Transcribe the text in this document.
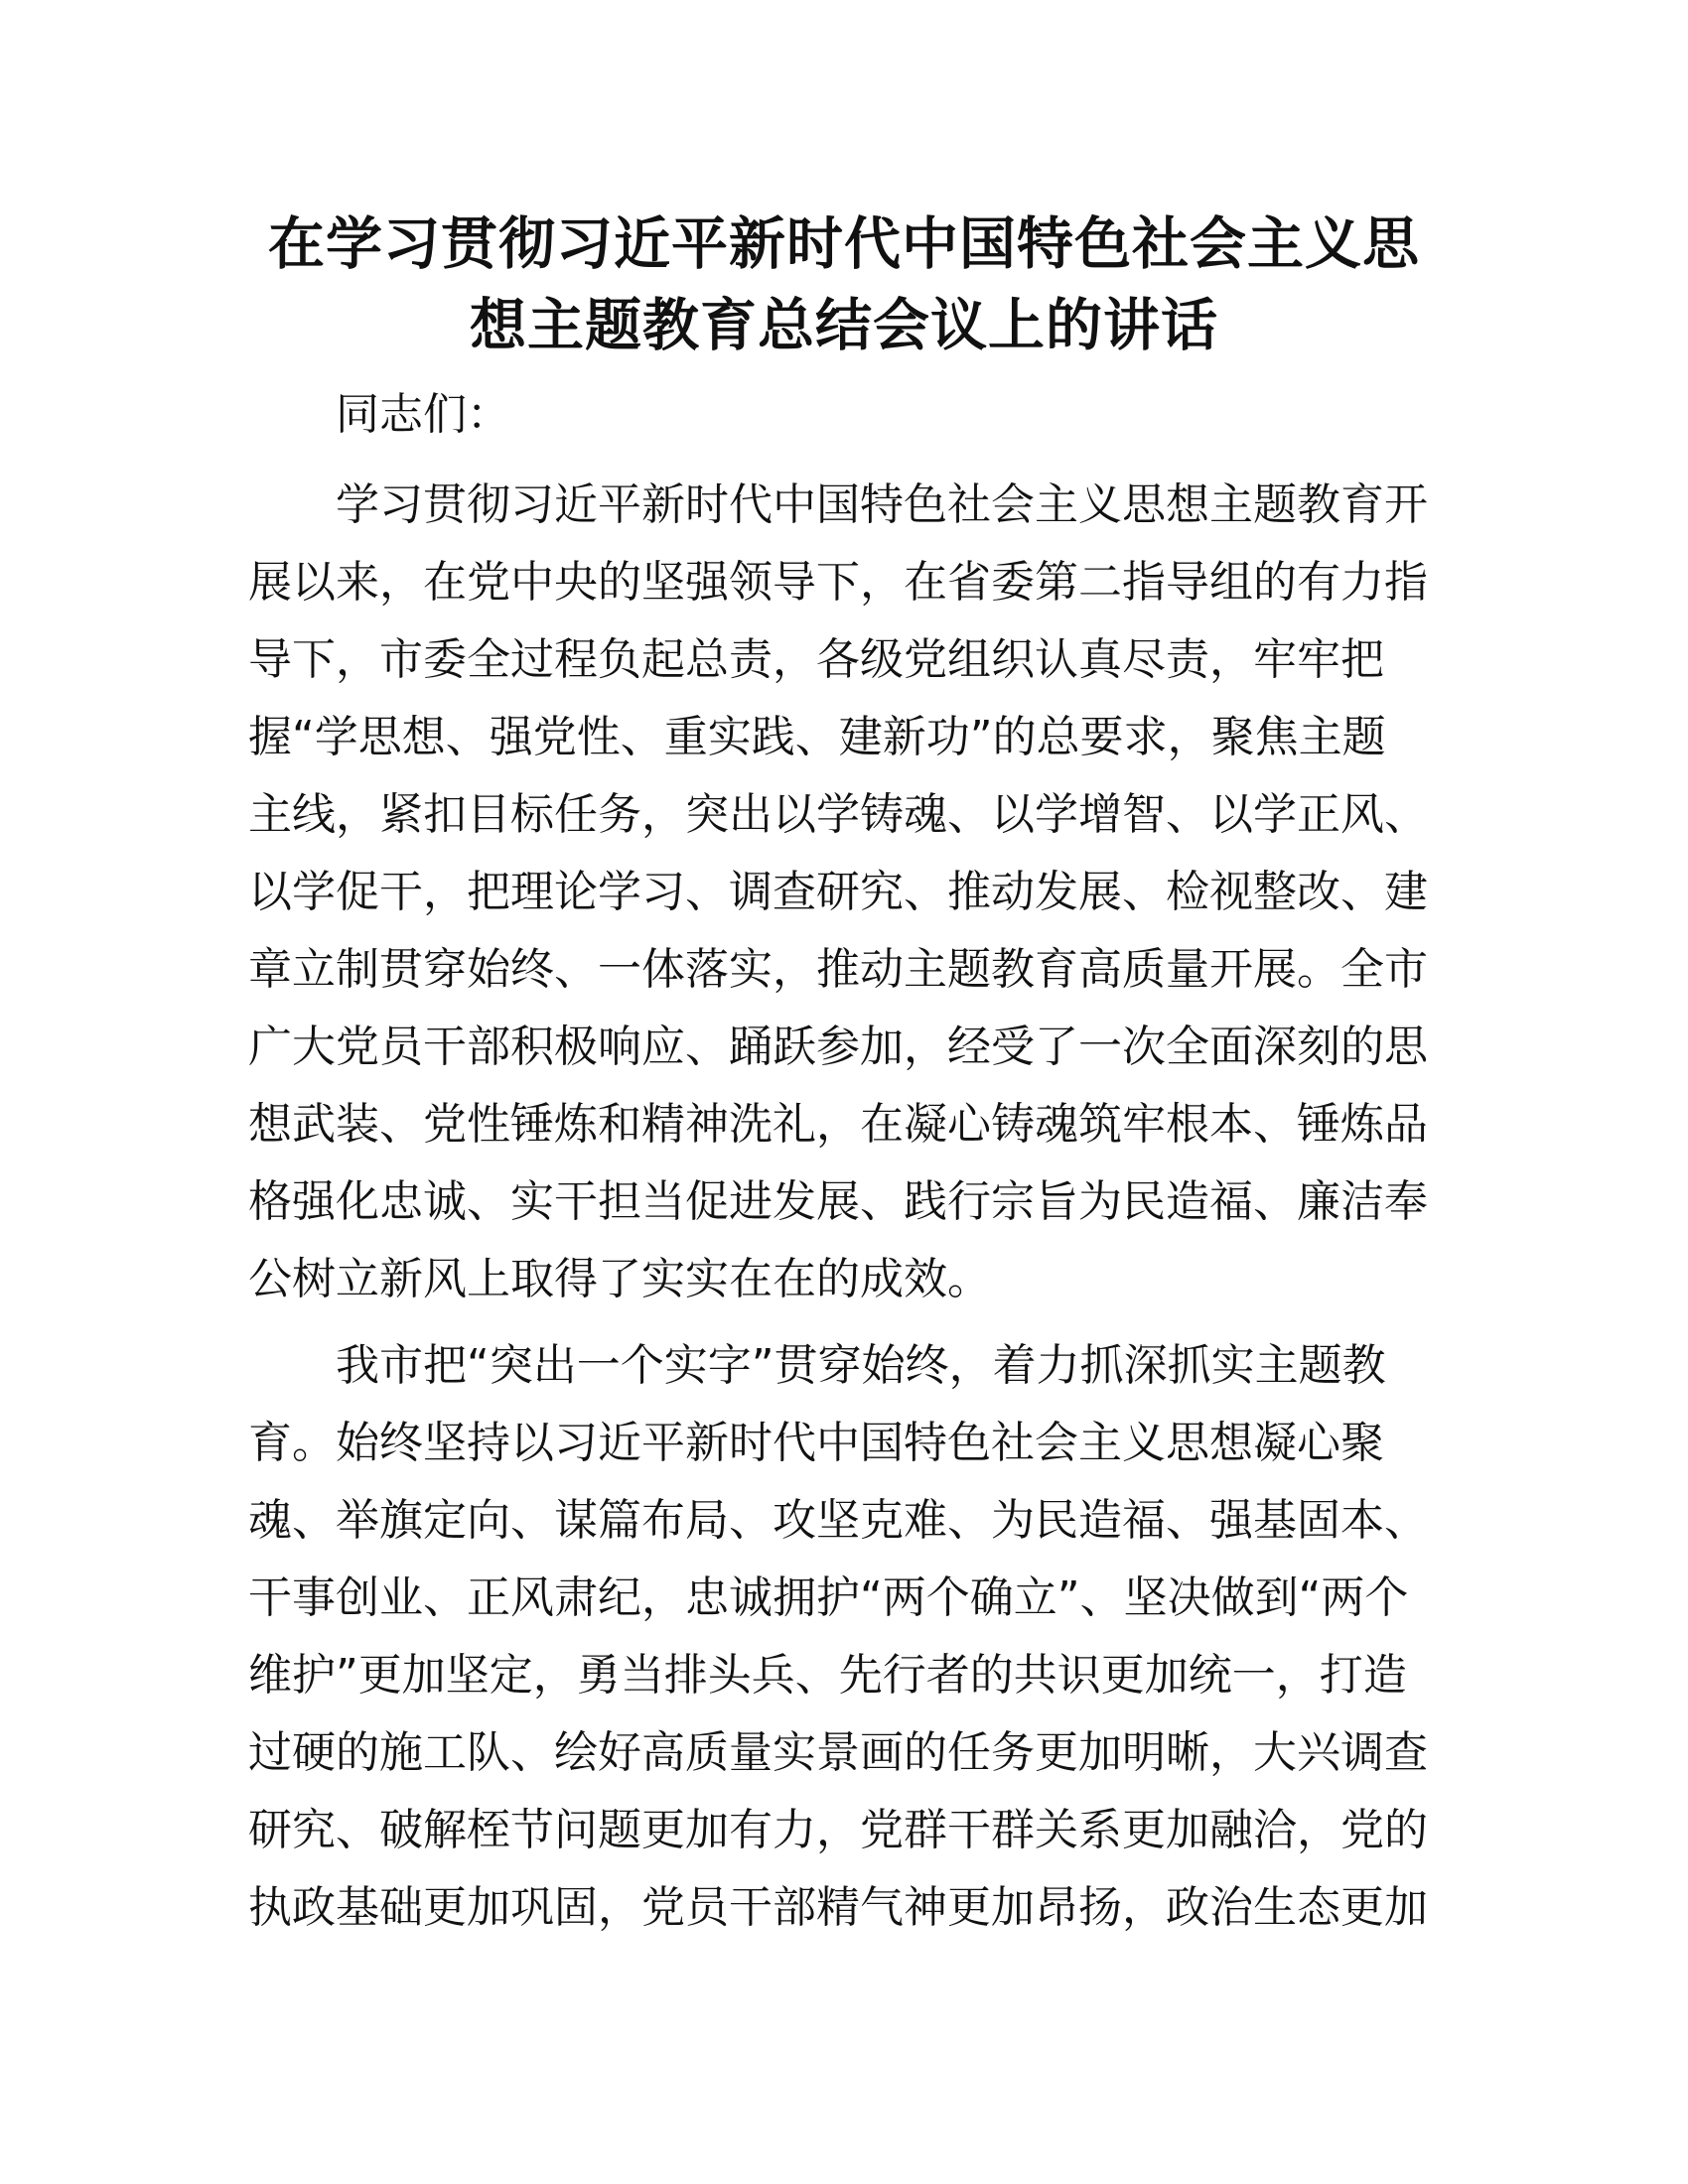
在学习贯彻习近平新时代中国特色社会主义思
想主题教育总结会议上的讲话

同志们：

学习贯彻习近平新时代中国特色社会主义思想主题教育开
展以来，在党中央的坚强领导下，在省委第二指导组的有力指
导下，市委全过程负起总责，各级党组织认真尽责，牢牢把
握“学思想、强党性、重实践、建新功”的总要求，聚焦主题
主线，紧扣目标任务，突出以学铸魂、以学增智、以学正风、
以学促干，把理论学习、调查研究、推动发展、检视整改、建
章立制贯穿始终、一体落实，推动主题教育高质量开展。全市
广大党员干部积极响应、踊跃参加，经受了一次全面深刻的思
想武装、党性锤炼和精神洗礼，在凝心铸魂筑牢根本、锤炼品
格强化忠诚、实干担当促进发展、践行宗旨为民造福、廉洁奉
公树立新风上取得了实实在在的成效。
我市把“突出一个实字”贯穿始终，着力抓深抓实主题教
育。始终坚持以习近平新时代中国特色社会主义思想凝心聚
魂、举旗定向、谋篇布局、攻坚克难、为民造福、强基固本、
干事创业、正风肃纪，忠诚拥护“两个确立”、坚决做到“两个
维护”更加坚定，勇当排头兵、先行者的共识更加统一，打造
过硬的施工队、绘好高质量实景画的任务更加明晰，大兴调查
研究、破解桎节问题更加有力，党群干群关系更加融洽，党的
执政基础更加巩固，党员干部精气神更加昂扬，政治生态更加
